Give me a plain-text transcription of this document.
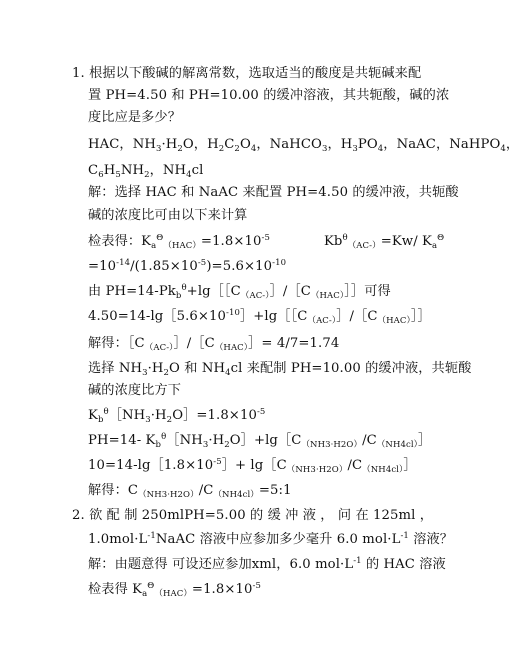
1. 根据以下酸碱的解离常数，选取适当的酸度是共轭碱来配
置 PH=4.50 和 PH=10.00 的缓冲溶液，其共轭酸，碱的浓
度比应是多少？
HAC，$NH_3\cdot H_2O$，$H_2C_2O_4$，NaHCO$_3$，$H_3PO_4$，NaAC，NaHPO$_4$，
$C_6H_5NH_2$，$NH_4cl$
解：选择 HAC 和 NaAC 来配置 PH=4.50 的缓冲液，共轭酸
碱的浓度比可由以下来计算
检表得：$K_a^\Theta_{(HAC)}=1.8\times 10^{-5}$	$Kb^\theta_{(AC-)}=Kw/$ $K_a^\Theta$
$=10^{-14}/(1.85\times 10^{-5})=5.6\times 10^{-10}$
由 $PH=14-Pk_b^\theta+\lg[[C_{(AC-)}]/[C_{(HAC)}]]$可得
$4.50=14-\lg[5.6\times 10^{-10}]+\lg[[C_{(AC-)}]/[C_{(HAC)}]]$
解得：$[C_{(AC-)}]/[C_{(HAC)}]= 4/7=1.74$
选择 $NH_3\cdot H_2O$ 和 $NH_4cl$ 来配制 PH=10.00 的缓冲液，共轭酸
碱的浓度比方下
$K_b^\theta[NH_3\cdot H_2O]=1.8\times 10^{-5}$
PH=14- $K_b^\theta[NH_3\cdot H_2O]+\lg[C_{(NH3\cdot H2O)}/C_{(NH4cl)}]$
$10=14-\lg[1.8\times 10^{-5}]+$ $\lg[C_{(NH3\cdot H2O)}/C_{(NH4cl)}]$
解得：$C_{(NH3\cdot H2O)}/C_{(NH4cl)}=5:1$
2. 欲 配 制 250mlPH=5.00 的 缓 冲 液 ， 问 在 125ml ，
$1.0mol\cdot L^{-1}NaAC$ 溶液中应参加多少毫升 6.0 $mol\cdot L^{-1}$ 溶液？
解：由题意得 可设还应参加xml，6.0 $mol\cdot L^{-1}$ 的 HAC 溶液
检表得 $K_a^\Theta_{(HAC)}=1.8\times 10^{-5}$
